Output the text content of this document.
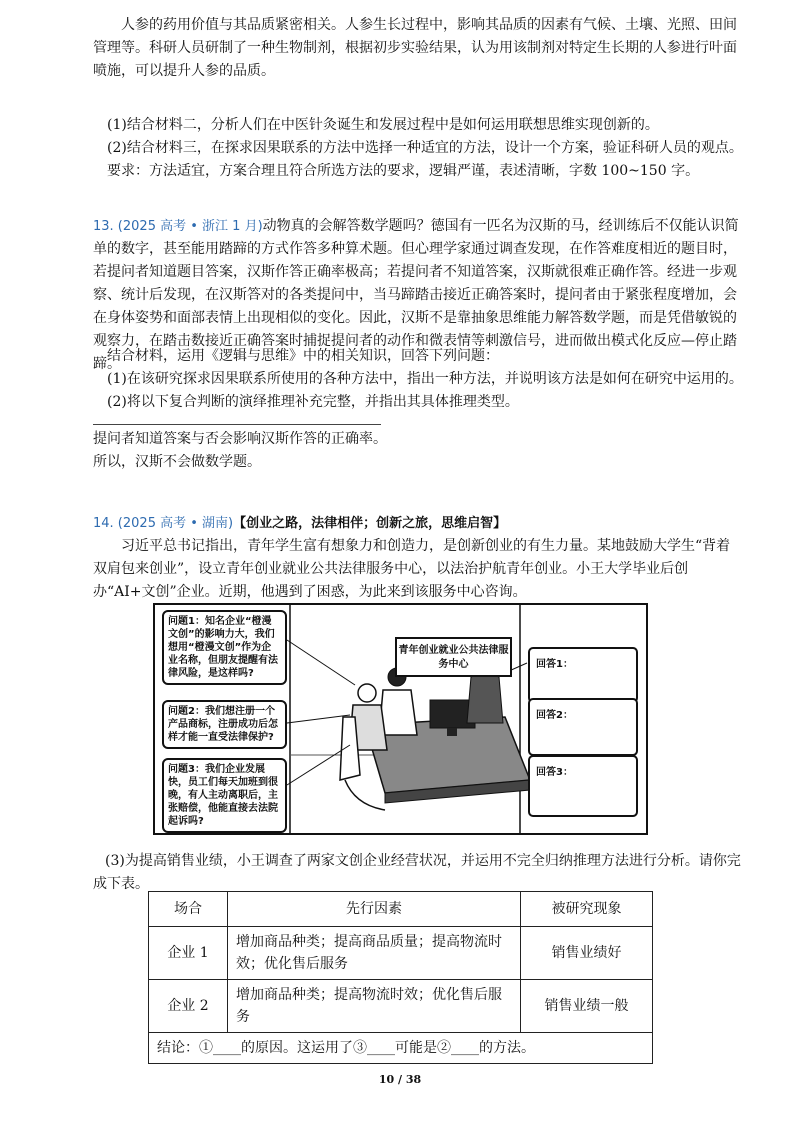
人参的药用价值与其品质紧密相关。人参生长过程中，影响其品质的因素有气候、土壤、光照、田间管理等。科研人员研制了一种生物制剂，根据初步实验结果，认为用该制剂对特定生长期的人参进行叶面喷施，可以提升人参的品质。

(1)结合材料二，分析人们在中医针灸诞生和发展过程中是如何运用联想思维实现创新的。

(2)结合材料三，在探求因果联系的方法中选择一种适宜的方法，设计一个方案，验证科研人员的观点。

要求：方法适宜，方案合理且符合所选方法的要求，逻辑严谨，表述清晰，字数 100~150 字。

13. (2025 高考 • 浙江 1 月)动物真的会解答数学题吗？德国有一匹名为汉斯的马，经训练后不仅能认识简单的数字，甚至能用踏蹄的方式作答多种算术题。但心理学家通过调查发现，在作答难度相近的题目时，若提问者知道题目答案，汉斯作答正确率极高；若提问者不知道答案，汉斯就很难正确作答。经进一步观察、统计后发现，在汉斯答对的各类提问中，当马蹄踏击接近正确答案时，提问者由于紧张程度增加，会在身体姿势和面部表情上出现相似的变化。因此，汉斯不是靠抽象思维能力解答数学题，而是凭借敏锐的观察力，在踏击数接近正确答案时捕捉提问者的动作和微表情等刺激信号，进而做出模式化反应—停止踏蹄。

结合材料，运用《逻辑与思维》中的相关知识，回答下列问题：

(1)在该研究探求因果联系所使用的各种方法中，指出一种方法，并说明该方法是如何在研究中运用的。

(2)将以下复合判断的演绎推理补充完整，并指出其具体推理类型。

提问者知道答案与否会影响汉斯作答的正确率。

所以，汉斯不会做数学题。

14. (2025 高考 • 湖南)【创业之路，法律相伴；创新之旅，思维启智】

习近平总书记指出，青年学生富有想象力和创造力，是创新创业的有生力量。某地鼓励大学生“背着双肩包来创业”，设立青年创业就业公共法律服务中心，以法治护航青年创业。小王大学毕业后创办“AI+文创”企业。近期，他遇到了困惑，为此来到该服务中心咨询。

问题1：知名企业“橙漫文创”的影响力大，我们想用“橙漫文创”作为企业名称，但朋友提醒有法律风险，是这样吗?
问题2：我们想注册一个产品商标，注册成功后怎样才能一直受法律保护?
问题3：我们企业发展快，员工们每天加班到很晚，有人主动离职后，主张赔偿，他能直接去法院起诉吗?
青年创业就业公共法律服务中心	回答1：
回答2：
回答3：

(3)为提高销售业绩，小王调查了两家文创企业经营状况，并运用不完全归纳推理方法进行分析。请你完成下表。

场合	先行因素	被研究现象
企业 1	增加商品种类；提高商品质量；提高物流时效；优化售后服务	销售业绩好
企业 2	增加商品种类；提高物流时效；优化售后服务	销售业绩一般
结论：①____的原因。这运用了③____可能是②____的方法。		
10 / 38
